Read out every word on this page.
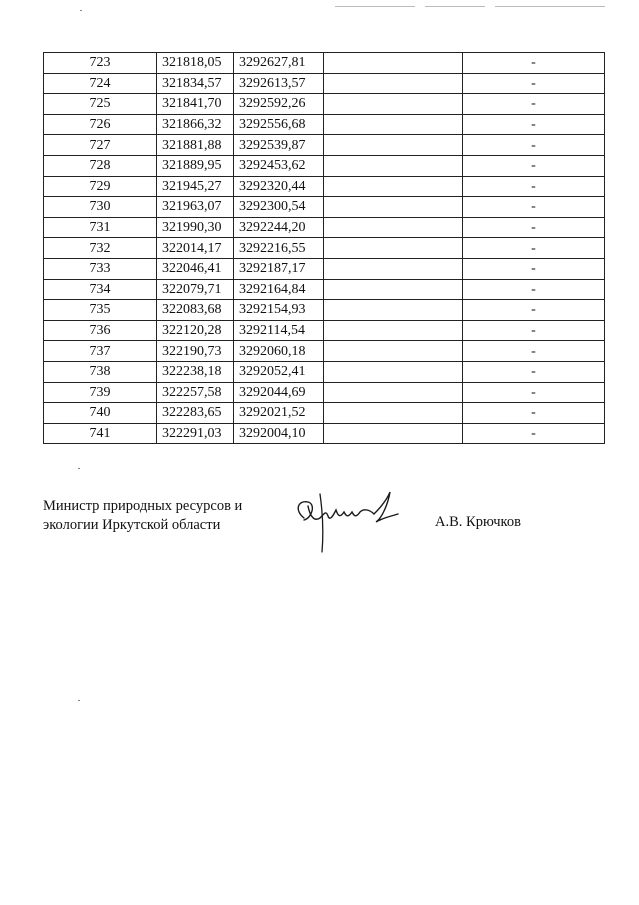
723	321818,05	3292627,81		-
724	321834,57	3292613,57		-
725	321841,70	3292592,26		-
726	321866,32	3292556,68		-
727	321881,88	3292539,87		-
728	321889,95	3292453,62		-
729	321945,27	3292320,44		-
730	321963,07	3292300,54		-
731	321990,30	3292244,20		-
732	322014,17	3292216,55		-
733	322046,41	3292187,17		-
734	322079,71	3292164,84		-
735	322083,68	3292154,93		-
736	322120,28	3292114,54		-
737	322190,73	3292060,18		-
738	322238,18	3292052,41		-
739	322257,58	3292044,69		-
740	322283,65	3292021,52		-
741	322291,03	3292004,10		-
Министр природных ресурсов и
экологии Иркутской области	А.В. Крючков
